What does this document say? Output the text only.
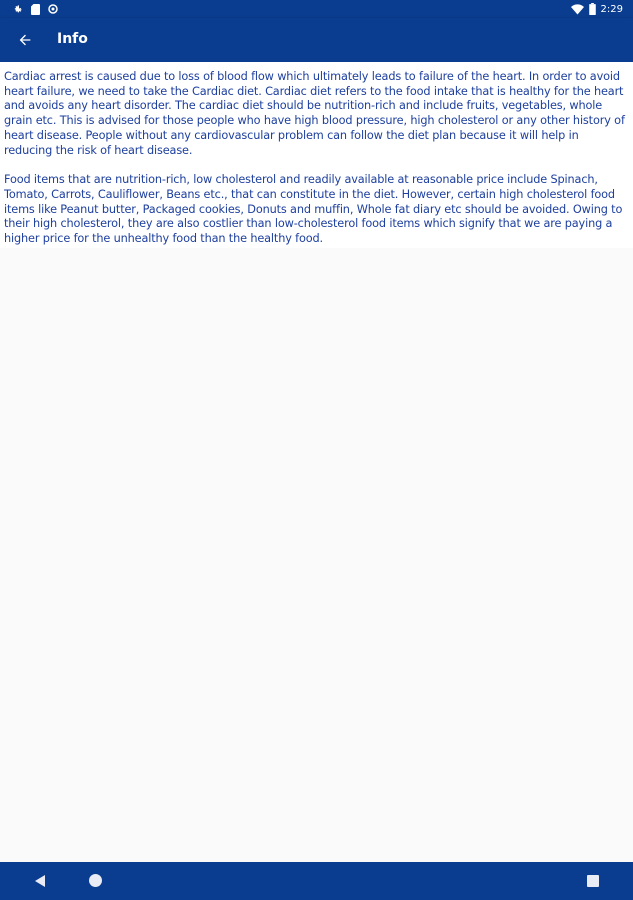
2:29
Info

Cardiac arrest is caused due to loss of blood flow which ultimately leads to failure of the heart. In order to avoid heart failure, we need to take the Cardiac diet. Cardiac diet refers to the food intake that is healthy for the heart and avoids any heart disorder. The cardiac diet should be nutrition-rich and include fruits, vegetables, whole grain etc. This is advised for those people who have high blood pressure, high cholesterol or any other history of heart disease. People without any cardiovascular problem can follow the diet plan because it will help in reducing the risk of heart disease.

Food items that are nutrition-rich, low cholesterol and readily available at reasonable price include Spinach, Tomato, Carrots, Cauliflower, Beans etc., that can constitute in the diet. However, certain high cholesterol food items like Peanut butter, Packaged cookies, Donuts and muffin, Whole fat diary etc should be avoided. Owing to their high cholesterol, they are also costlier than low-cholesterol food items which signify that we are paying a higher price for the unhealthy food than the healthy food.
